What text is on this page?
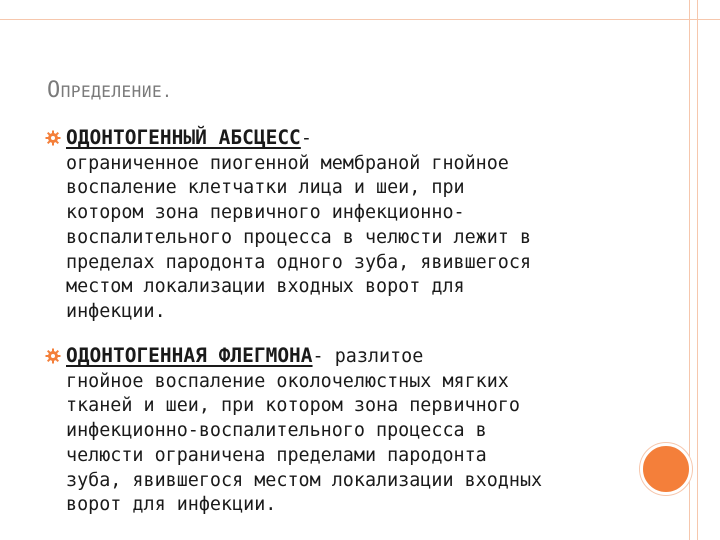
ОПРЕДЕЛЕНИЕ.
ОДОНТОГЕННЫЙ АБСЦЕСС-
ограниченное пиогенной мембраной гнойное
воспаление клетчатки лица и шеи, при
котором зона первичного инфекционно-
воспалительного процесса в челюсти лежит в
пределах пародонта одного зуба, явившегося
местом локализации входных ворот для
инфекции.
ОДОНТОГЕННАЯ ФЛЕГМОНА- разлитое
гнойное воспаление околочелюстных мягких
тканей и шеи, при котором зона первичного
инфекционно-воспалительного процесса в
челюсти ограничена пределами пародонта
зуба, явившегося местом локализации входных
ворот для инфекции.
